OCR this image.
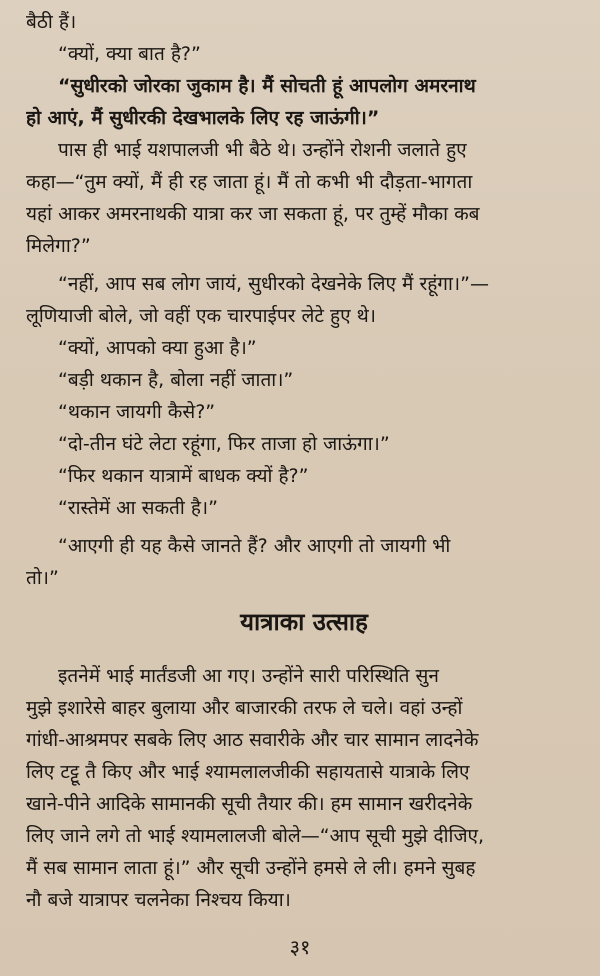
बैठी हैं।
“क्यों, क्या बात है?”
“सुधीरको जोरका जुकाम है। मैं सोचती हूं आपलोग अमरनाथ
हो आएं, मैं सुधीरकी देखभालके लिए रह जाऊंगी।”
पास ही भाई यशपालजी भी बैठे थे। उन्होंने रोशनी जलाते हुए
कहा—“तुम क्यों, मैं ही रह जाता हूं। मैं तो कभी भी दौड़ता-भागता
यहां आकर अमरनाथकी यात्रा कर जा सकता हूं, पर तुम्हें मौका कब
मिलेगा?”
“नहीं, आप सब लोग जायं, सुधीरको देखनेके लिए मैं रहूंगा।”—
लूणियाजी बोले, जो वहीं एक चारपाईपर लेटे हुए थे।
“क्यों, आपको क्या हुआ है।”
“बड़ी थकान है, बोला नहीं जाता।”
“थकान जायगी कैसे?”
“दो-तीन घंटे लेटा रहूंगा, फिर ताजा हो जाऊंगा।”
“फिर थकान यात्रामें बाधक क्यों है?”
“रास्तेमें आ सकती है।”
“आएगी ही यह कैसे जानते हैं? और आएगी तो जायगी भी
तो।”
यात्राका उत्साह
इतनेमें भाई मार्तंडजी आ गए। उन्होंने सारी परिस्थिति सुन
मुझे इशारेसे बाहर बुलाया और बाजारकी तरफ ले चले। वहां उन्हों
गांधी-आश्रमपर सबके लिए आठ सवारीके और चार सामान लादनेके
लिए टट्टू तै किए और भाई श्यामलालजीकी सहायतासे यात्राके लिए
खाने-पीने आदिके सामानकी सूची तैयार की। हम सामान खरीदनेके
लिए जाने लगे तो भाई श्यामलालजी बोले—“आप सूची मुझे दीजिए,
मैं सब सामान लाता हूं।” और सूची उन्होंने हमसे ले ली। हमने सुबह
नौ बजे यात्रापर चलनेका निश्चय किया।
३१
